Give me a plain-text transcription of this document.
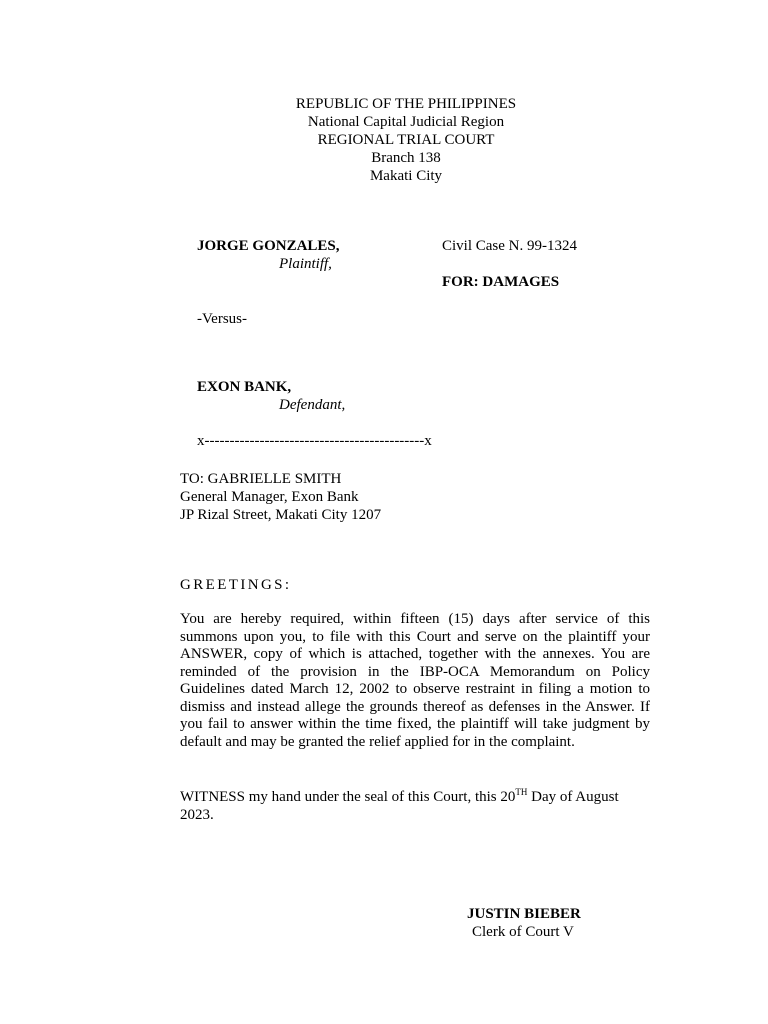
REPUBLIC OF THE PHILIPPINES
National Capital Judicial Region
REGIONAL TRIAL COURT
Branch 138
Makati City
JORGE GONZALES,
Plaintiff,
Civil Case N. 99-1324
FOR: DAMAGES
-Versus-
EXON BANK,
Defendant,
x--------------------------------------------x
TO: GABRIELLE SMITH
General Manager, Exon Bank
JP Rizal Street, Makati City 1207
GREETINGS:
You are hereby required, within fifteen (15) days after service of this summons upon you, to file with this Court and serve on the plaintiff your ANSWER, copy of which is attached, together with the annexes. You are reminded of the provision in the IBP-OCA Memorandum on Policy Guidelines dated March 12, 2002 to observe restraint in filing a motion to dismiss and instead allege the grounds thereof as defenses in the Answer. If you fail to answer within the time fixed, the plaintiff will take judgment by default and may be granted the relief applied for in the complaint.
WITNESS my hand under the seal of this Court, this 20TH Day of August 2023.
JUSTIN BIEBER
Clerk of Court V
